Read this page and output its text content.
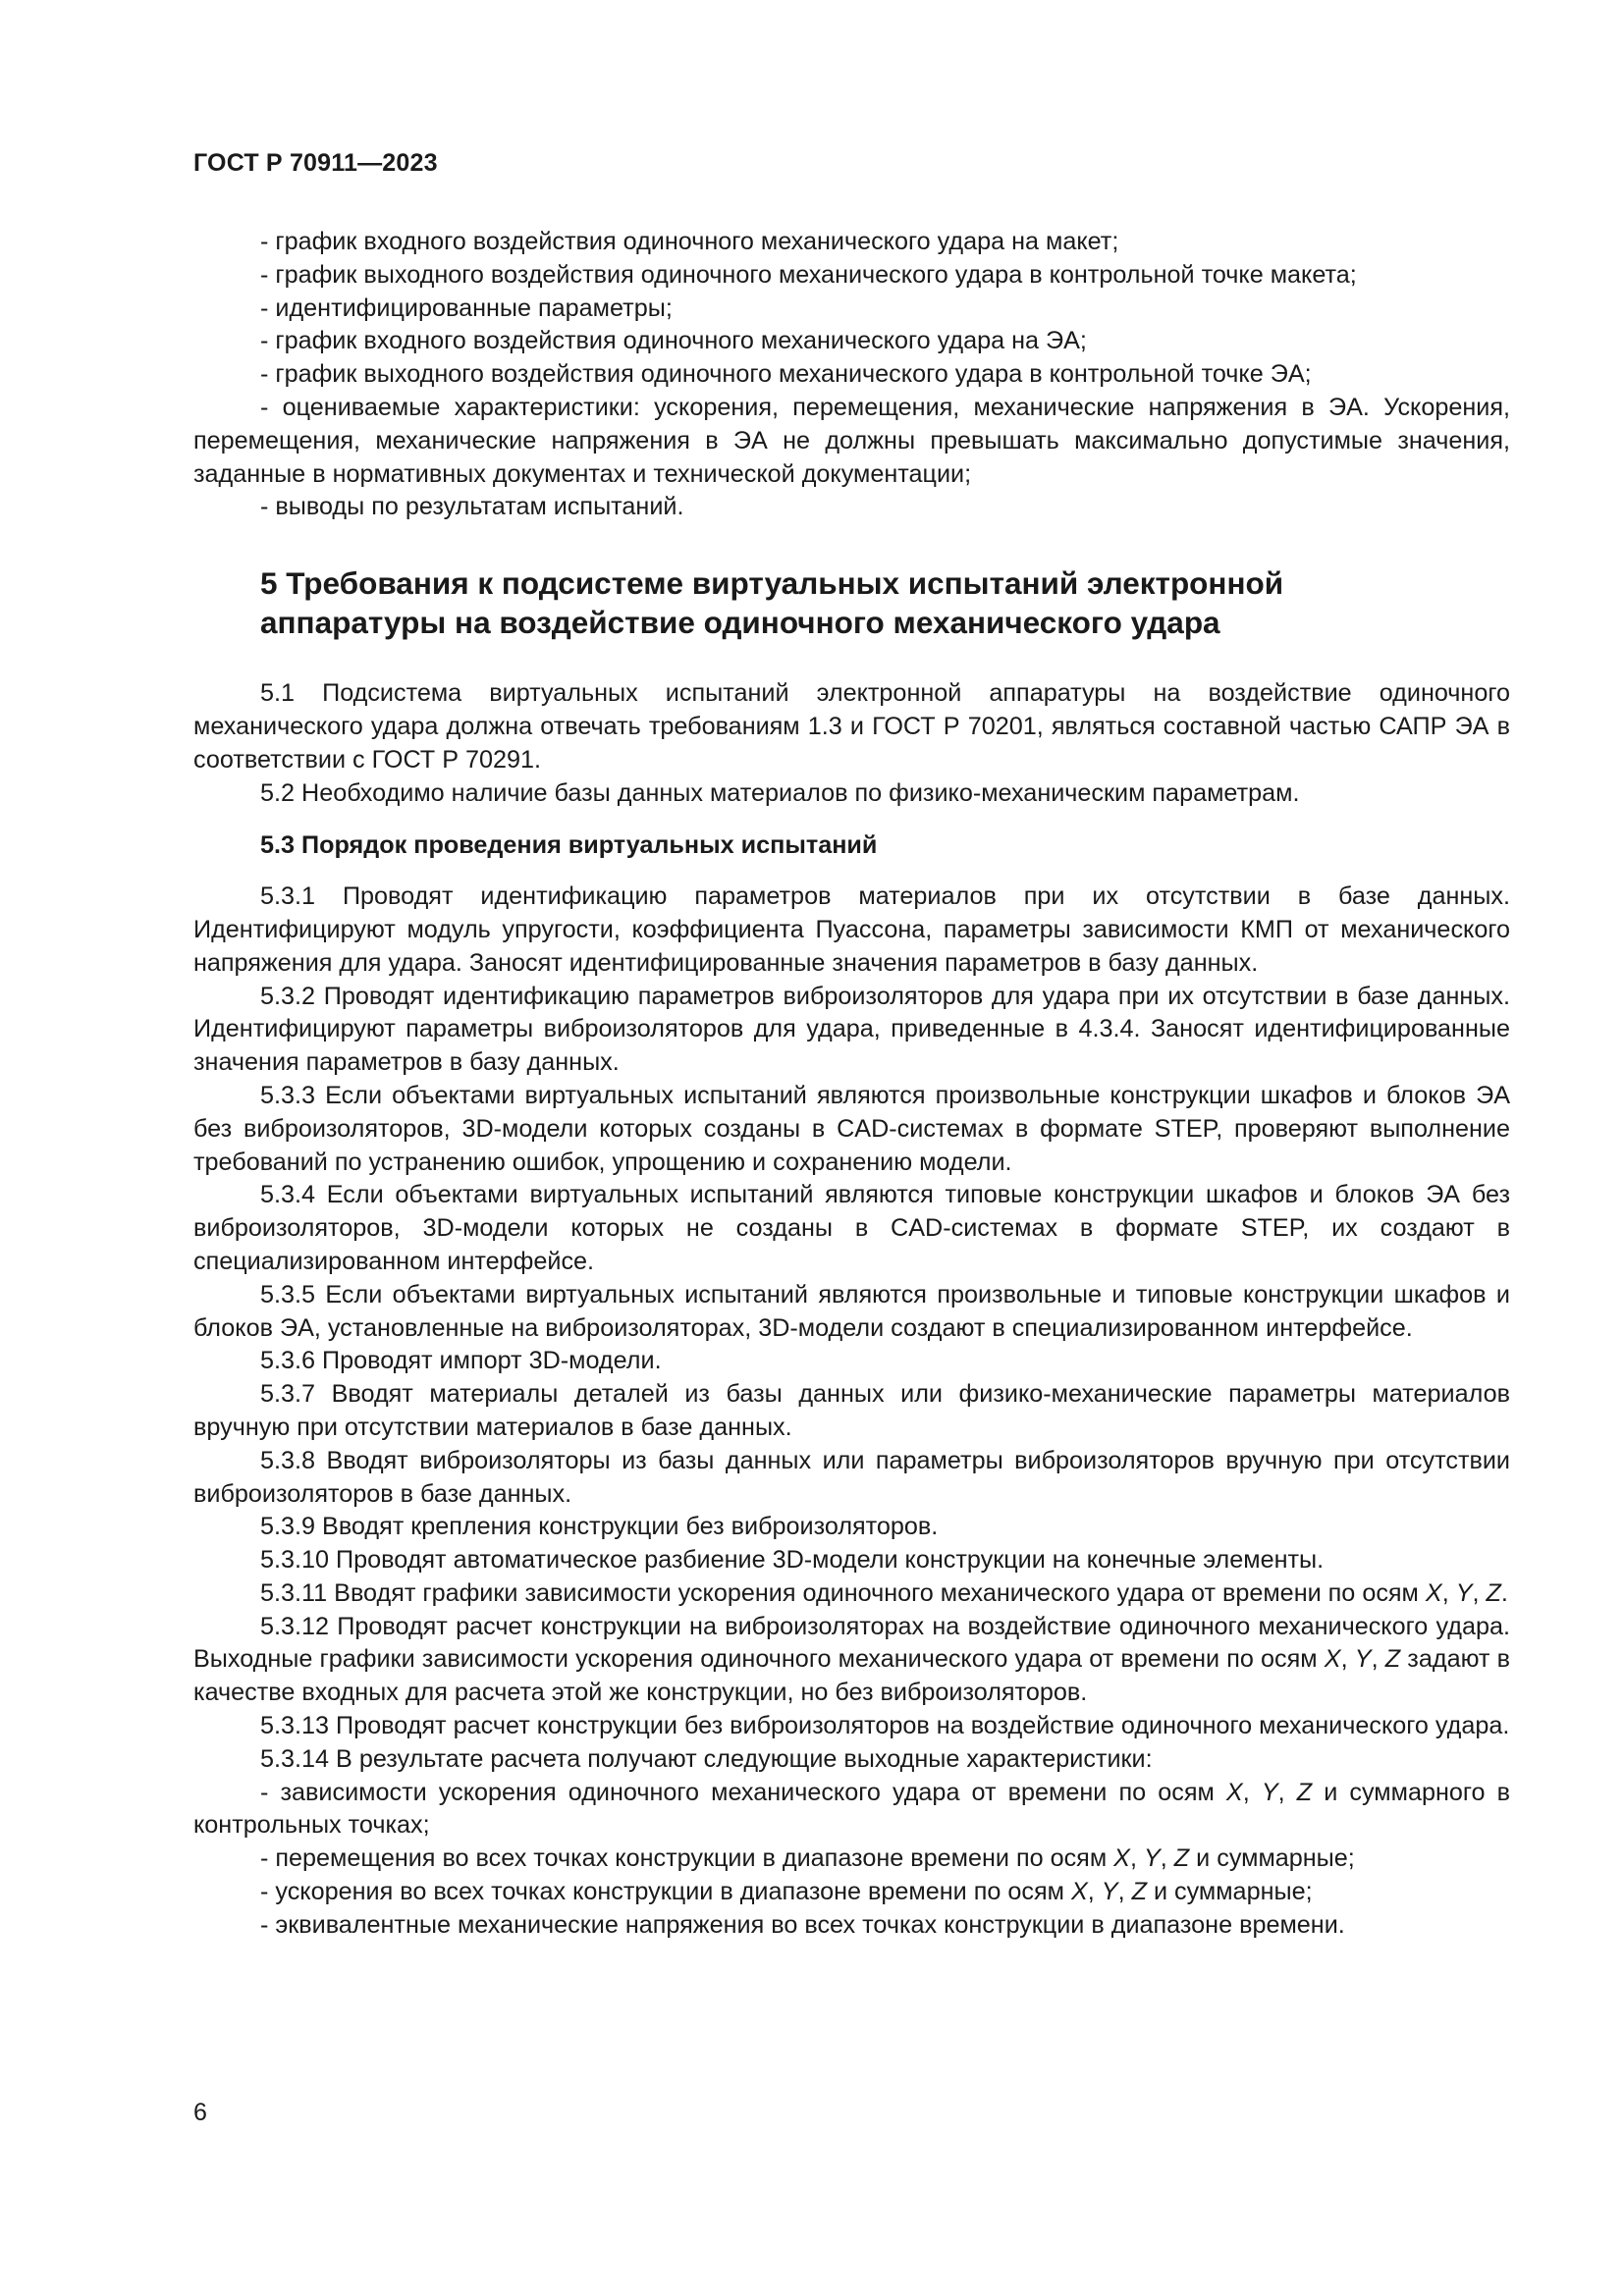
ГОСТ Р 70911—2023

- график входного воздействия одиночного механического удара на макет;

- график выходного воздействия одиночного механического удара в контрольной точке макета;

- идентифицированные параметры;

- график входного воздействия одиночного механического удара на ЭА;

- график выходного воздействия одиночного механического удара в контрольной точке ЭА;

- оцениваемые характеристики: ускорения, перемещения, механические напряжения в ЭА. Ускорения, перемещения, механические напряжения в ЭА не должны превышать максимально допустимые значения, заданные в нормативных документах и технической документации;

- выводы по результатам испытаний.

5 Требования к подсистеме виртуальных испытаний электронной
аппаратуры на воздействие одиночного механического удара

5.1 Подсистема виртуальных испытаний электронной аппаратуры на воздействие одиночного механического удара должна отвечать требованиям 1.3 и ГОСТ Р 70201, являться составной частью САПР ЭА в соответствии с ГОСТ Р 70291.

5.2 Необходимо наличие базы данных материалов по физико-механическим параметрам.

5.3 Порядок проведения виртуальных испытаний

5.3.1 Проводят идентификацию параметров материалов при их отсутствии в базе данных. Идентифицируют модуль упругости, коэффициента Пуассона, параметры зависимости КМП от механического напряжения для удара. Заносят идентифицированные значения параметров в базу данных.

5.3.2 Проводят идентификацию параметров виброизоляторов для удара при их отсутствии в базе данных. Идентифицируют параметры виброизоляторов для удара, приведенные в 4.3.4. Заносят идентифицированные значения параметров в базу данных.

5.3.3 Если объектами виртуальных испытаний являются произвольные конструкции шкафов и блоков ЭА без виброизоляторов, 3D-модели которых созданы в CAD-системах в формате STEP, проверяют выполнение требований по устранению ошибок, упрощению и сохранению модели.

5.3.4 Если объектами виртуальных испытаний являются типовые конструкции шкафов и блоков ЭА без виброизоляторов, 3D-модели которых не созданы в CAD-системах в формате STEP, их создают в специализированном интерфейсе.

5.3.5 Если объектами виртуальных испытаний являются произвольные и типовые конструкции шкафов и блоков ЭА, установленные на виброизоляторах, 3D-модели создают в специализированном интерфейсе.

5.3.6 Проводят импорт 3D-модели.

5.3.7 Вводят материалы деталей из базы данных или физико-механические параметры материалов вручную при отсутствии материалов в базе данных.

5.3.8 Вводят виброизоляторы из базы данных или параметры виброизоляторов вручную при отсутствии виброизоляторов в базе данных.

5.3.9 Вводят крепления конструкции без виброизоляторов.

5.3.10 Проводят автоматическое разбиение 3D-модели конструкции на конечные элементы.

5.3.11 Вводят графики зависимости ускорения одиночного механического удара от времени по осям X, Y, Z.

5.3.12 Проводят расчет конструкции на виброизоляторах на воздействие одиночного механического удара. Выходные графики зависимости ускорения одиночного механического удара от времени по осям X, Y, Z задают в качестве входных для расчета этой же конструкции, но без виброизоляторов.

5.3.13 Проводят расчет конструкции без виброизоляторов на воздействие одиночного механического удара.

5.3.14 В результате расчета получают следующие выходные характеристики:

- зависимости ускорения одиночного механического удара от времени по осям X, Y, Z и суммарного в контрольных точках;

- перемещения во всех точках конструкции в диапазоне времени по осям X, Y, Z и суммарные;

- ускорения во всех точках конструкции в диапазоне времени по осям X, Y, Z и суммарные;

- эквивалентные механические напряжения во всех точках конструкции в диапазоне времени.

6
